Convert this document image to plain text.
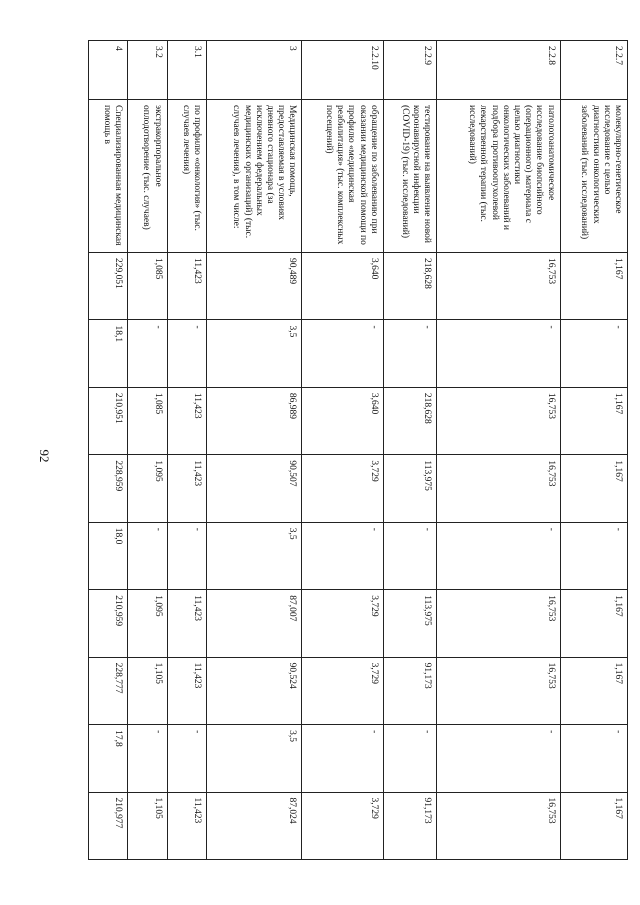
92
2.2.7	молекулярно-генетическое исследование с целью диагностики онкологических заболеваний (тыс. исследований)	1,167	-	1,167	1,167	-	1,167	1,167	-	1,167
2.2.8	патологоанатомическое исследование биопсийного (операционного) материала с целью диагностики онкологических заболеваний и подбора противоопухолевой лекарственной терапии (тыс. исследований)	16,753	-	16,753	16,753	-	16,753	16,753	-	16,753
2.2.9	тестирование на выявление новой коронавирусной инфекции (COVID-19) (тыс. исследований)	218,628	-	218,628	113,975	-	113,975	91,173	-	91,173
2.2.10	обращение по заболеванию при оказании медицинской помощи по профилю «медицинская реабилитация» (тыс. комплексных посещений)	3,640	-	3,640	3,729	-	3,729	3,729	-	3,729
3	Медицинская помощь, предоставляемая в условиях дневного стационара (за исключением федеральных медицинских организаций) (тыс. случаев лечения), в том числе:	90,489	3,5	86,989	90,507	3,5	87,007	90,524	3,5	87,024
3.1	по профилю «онкология» (тыс. случаев лечения)	11,423	-	11,423	11,423	-	11,423	11,423	-	11,423
3.2	экстракорпоральное оплодотворение (тыс. случаев)	1,085	-	1,085	1,095	-	1,095	1,105	-	1,105
4	Специализированная медицинская помощь в	229,051	18,1	210,951	228,959	18,0	210,959	228,777	17,8	210,977
